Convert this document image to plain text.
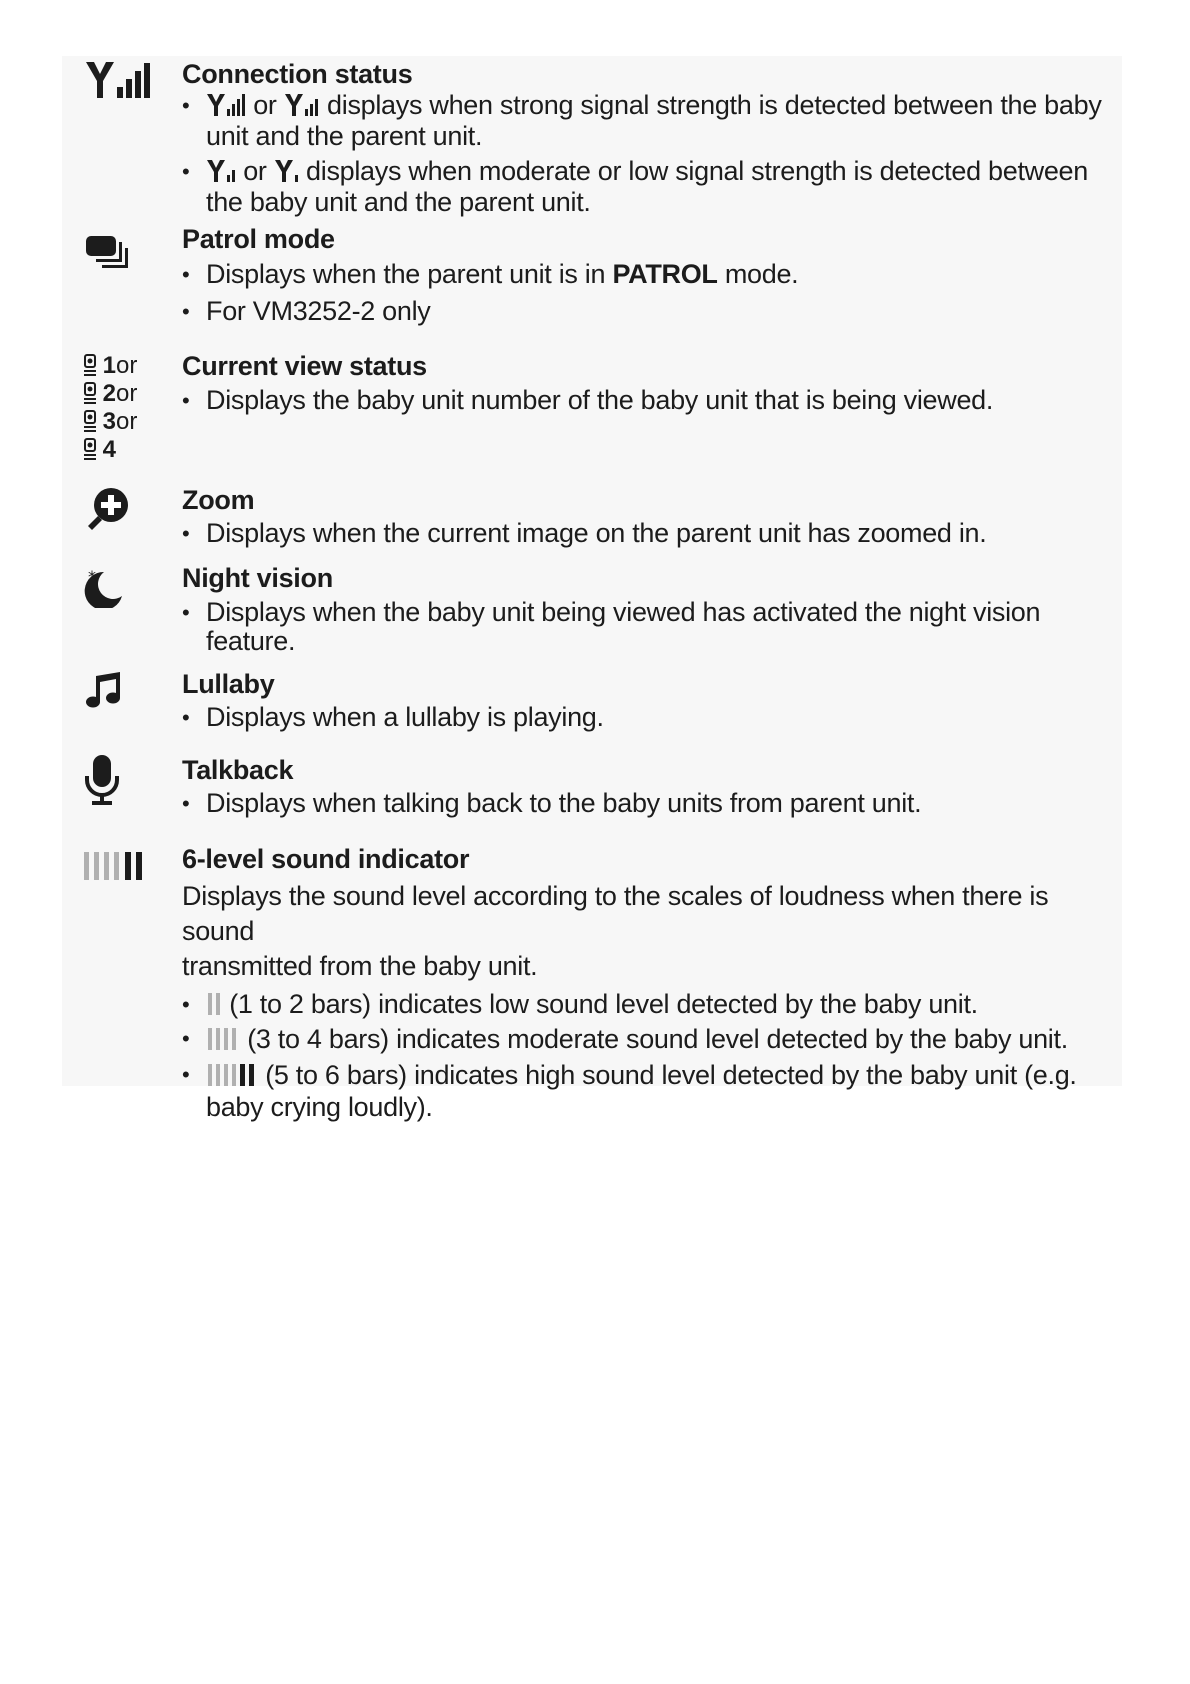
Connection status
• or displays when strong signal strength is detected between the baby
unit and the parent unit.
• or displays when moderate or low signal strength is detected between
the baby unit and the parent unit.
Patrol mode
• Displays when the parent unit is in PATROL mode.
• For VM3252-2 only
1or
2or
3or
4
Current view status
• Displays the baby unit number of the baby unit that is being viewed.
Zoom
• Displays when the current image on the parent unit has zoomed in.
*	Night vision
• Displays when the baby unit being viewed has activated the night vision
feature.
Lullaby
• Displays when a lullaby is playing.
Talkback
• Displays when talking back to the baby units from parent unit.
6-level sound indicator
Displays the sound level according to the scales of loudness when there is sound
transmitted from the baby unit.
• (1 to 2 bars) indicates low sound level detected by the baby unit.
• (3 to 4 bars) indicates moderate sound level detected by the baby unit.
• (5 to 6 bars) indicates high sound level detected by the baby unit (e.g.
baby crying loudly).
